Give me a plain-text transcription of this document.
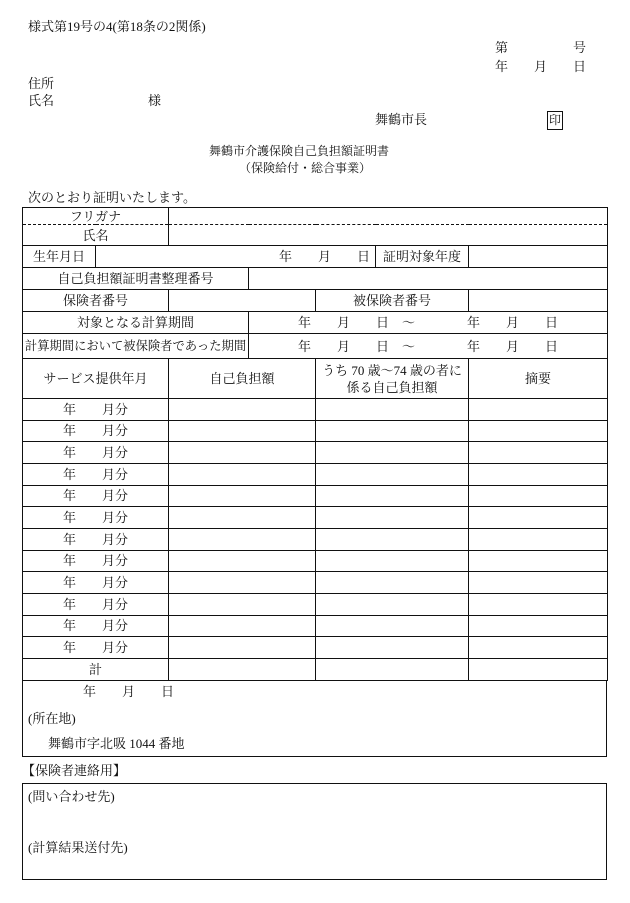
様式第19号の4(第18条の2関係)
第　　　　　号
年　　月　　日
住所
氏名	様
舞鶴市長	印
舞鶴市介護保険自己負担額証明書
（保険給付・総合事業）
次のとおり証明いたします。
フリガナ						
氏名						
生年月日	年　　月　　日				証明対象年度	
自己負担額証明書整理番号						
保険者番号				被保険者番号		
対象となる計算期間			年　　月　　日　～　　　　年　　月　　日			
計算期間において被保険者であった期間			年　　月　　日　～　　　　年　　月　　日			
サービス提供年月		自己負担額		うち 70 歳～74 歳の者に
係る自己負担額		摘要
年　　月分						
年　　月分						
年　　月分						
年　　月分						
年　　月分						
年　　月分						
年　　月分						
年　　月分						
年　　月分						
年　　月分						
年　　月分						
年　　月分						
計						
年　　月　　日
(所在地)
舞鶴市字北吸 1044 番地
【保険者連絡用】
(問い合わせ先)
(計算結果送付先)
